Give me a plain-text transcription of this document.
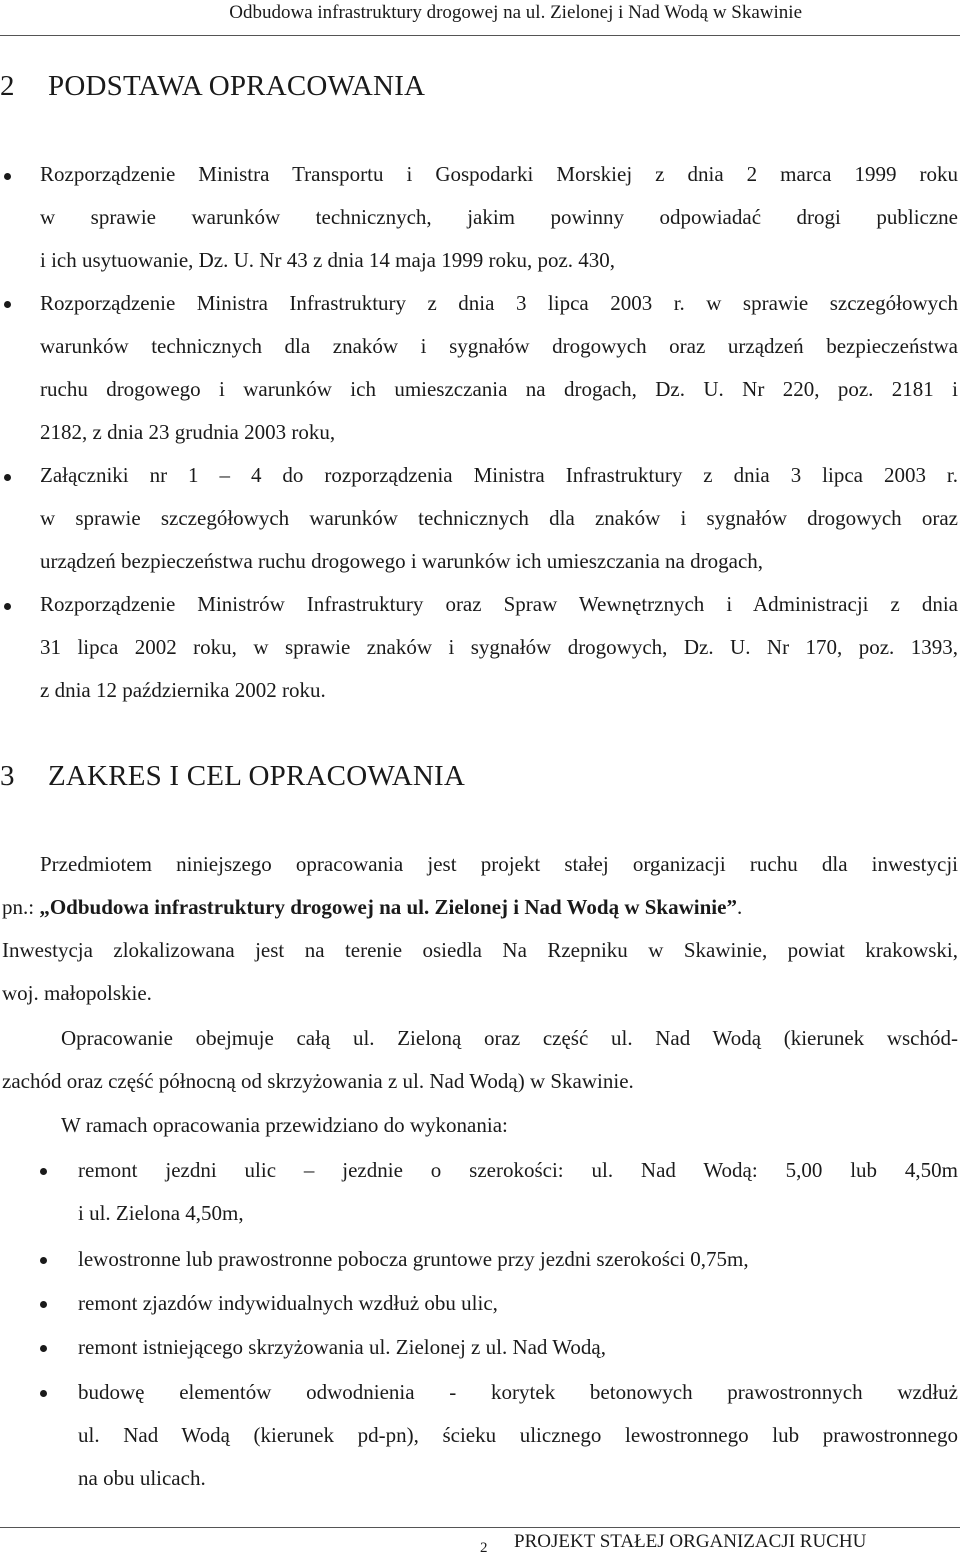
Odbudowa infrastruktury drogowej na ul. Zielonej i Nad Wodą w Skawinie
2 PODSTAWA OPRACOWANIA
Rozporządzenie Ministra Transportu i Gospodarki Morskiej z dnia 2 marca 1999 roku
w sprawie warunków technicznych, jakim powinny odpowiadać drogi publiczne
i ich usytuowanie, Dz. U. Nr 43 z dnia 14 maja 1999 roku, poz. 430,
Rozporządzenie Ministra Infrastruktury z dnia 3 lipca 2003 r. w sprawie szczegółowych
warunków technicznych dla znaków i sygnałów drogowych oraz urządzeń bezpieczeństwa
ruchu drogowego i warunków ich umieszczania na drogach, Dz. U. Nr 220, poz. 2181 i
2182, z dnia 23 grudnia 2003 roku,
Załączniki nr 1 – 4 do rozporządzenia Ministra Infrastruktury z dnia 3 lipca 2003 r.
w sprawie szczegółowych warunków technicznych dla znaków i sygnałów drogowych oraz
urządzeń bezpieczeństwa ruchu drogowego i warunków ich umieszczania na drogach,
Rozporządzenie Ministrów Infrastruktury oraz Spraw Wewnętrznych i Administracji z dnia
31 lipca 2002 roku, w sprawie znaków i sygnałów drogowych, Dz. U. Nr 170, poz. 1393,
z dnia 12 października 2002 roku.
3 ZAKRES I CEL OPRACOWANIA
Przedmiotem niniejszego opracowania jest projekt stałej organizacji ruchu dla inwestycji
pn.: „Odbudowa infrastruktury drogowej na ul. Zielonej i Nad Wodą w Skawinie”.
Inwestycja zlokalizowana jest na terenie osiedla Na Rzepniku w Skawinie, powiat krakowski,
woj. małopolskie.
Opracowanie obejmuje całą ul. Zieloną oraz część ul. Nad Wodą (kierunek wschód-
zachód oraz część północną od skrzyżowania z ul. Nad Wodą) w Skawinie.
W ramach opracowania przewidziano do wykonania:
remont jezdni ulic – jezdnie o szerokości: ul. Nad Wodą: 5,00 lub 4,50m
i ul. Zielona 4,50m,
lewostronne lub prawostronne pobocza gruntowe przy jezdni szerokości 0,75m,
remont zjazdów indywidualnych wzdłuż obu ulic,
remont istniejącego skrzyżowania ul. Zielonej z ul. Nad Wodą,
budowę elementów odwodnienia - korytek betonowych prawostronnych wzdłuż
ul. Nad Wodą (kierunek pd-pn), ścieku ulicznego lewostronnego lub prawostronnego
na obu ulicach.
2 PROJEKT STAŁEJ ORGANIZACJI RUCHU
